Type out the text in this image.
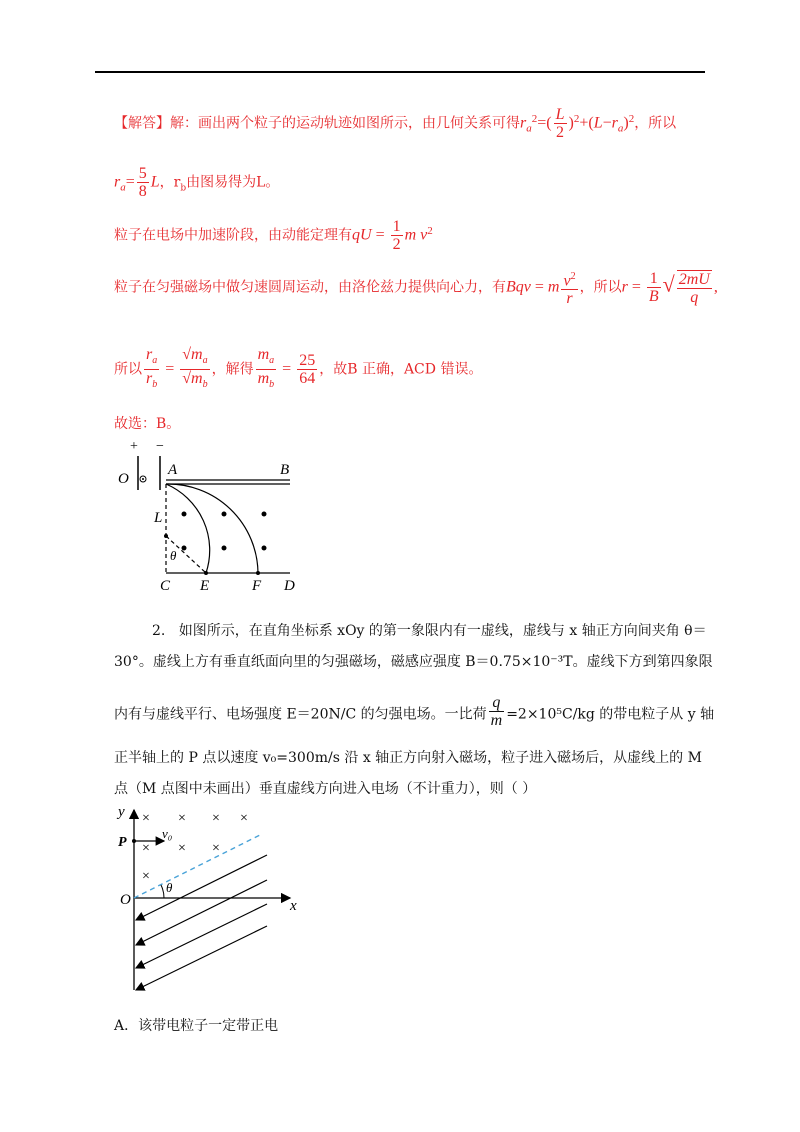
【解答】解：画出两个粒子的运动轨迹如图所示，由几何关系可得$r_a^2=( \frac{L}{2} )^2+(L-r_a)^2$，所以
$r_a= \frac{5}{8}$ L，$r_b$由图易得为L。
粒子在电场中加速阶段，由动能定理有qU = $\frac{1}{2}$ m $v^2$
粒子在匀强磁场中做匀速圆周运动，由洛伦兹力提供向心力，有Bqv = m $\frac{v^2}{r}$ ，所以$r = \frac{1}{B}$ √ $\frac{2mU}{q}$ ,
所以 $\frac{r_a}{r_b} = \frac{√m_a}{√m_b}$ ，解得 $\frac{m_a}{m_b} = \frac{25}{64}$ ，故B 正确，ACD 错误。
故选：B。
+ −
O
A	B
L
θ
C E	F D
2. 如图所示，在直角坐标系 xOy 的第一象限内有一虚线，虚线与 x 轴正方向间夹角 θ＝
30°。虚线上方有垂直纸面向里的匀强磁场，磁感应强度 B＝0.75×10⁻³T。虚线下方到第四象限
内有与虚线平行、电场强度 E＝20N/C 的匀强电场。一比荷 $\frac{q}{m} =2\times 10^5C/kg$ 的带电粒子从 y 轴
正半轴上的 P 点以速度 v₀=300m/s 沿 x 轴正方向射入磁场，粒子进入磁场后，从虚线上的 M
点（M 点图中未画出）垂直虚线方向进入电场（不计重力），则（ ）
y
x
P
v₀
O
× × × ×
× × ×
×
θ
A．该带电粒子一定带正电
